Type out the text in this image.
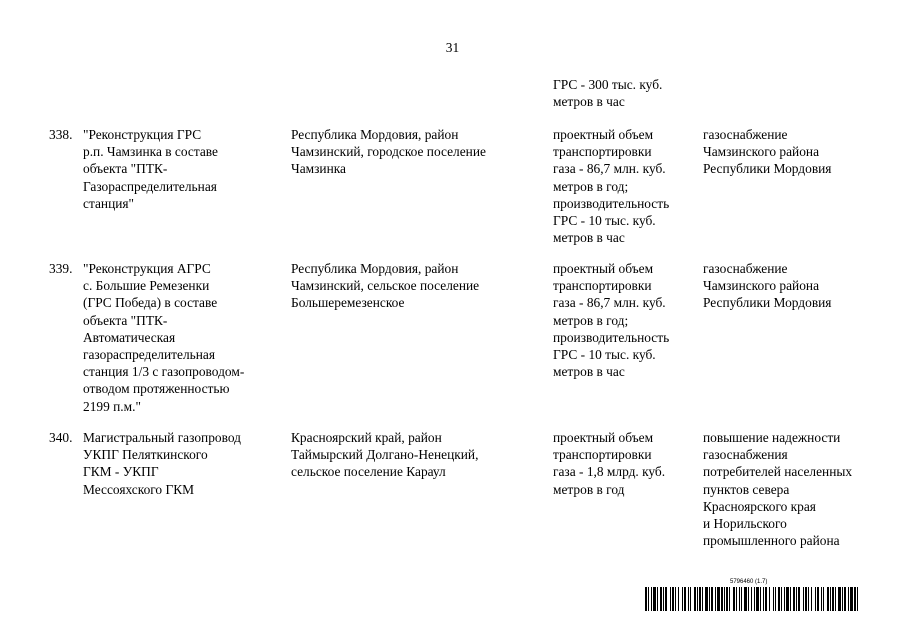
31
ГРС - 300 тыс. куб.
метров в час
338. "Реконструкция ГРС
р.п. Чамзинка в составе
объекта "ПТК-
Газораспределительная
станция"
Республика Мордовия, район
Чамзинский, городское поселение
Чамзинка
проектный объем
транспортировки
газа - 86,7 млн. куб.
метров в год;
производительность
ГРС - 10 тыс. куб.
метров в час
газоснабжение
Чамзинского района
Республики Мордовия
339. "Реконструкция АГРС
с. Большие Ремезенки
(ГРС Победа) в составе
объекта "ПТК-
Автоматическая
газораспределительная
станция 1/3 с газопроводом-
отводом протяженностью
2199 п.м."
Республика Мордовия, район
Чамзинский, сельское поселение
Большеремезенское
проектный объем
транспортировки
газа - 86,7 млн. куб.
метров в год;
производительность
ГРС - 10 тыс. куб.
метров в час
газоснабжение
Чамзинского района
Республики Мордовия
340. Магистральный газопровод
УКПГ Пеляткинского
ГКМ - УКПГ
Мессояхского ГКМ
Красноярский край, район
Таймырский Долгано-Ненецкий,
сельское поселение Караул
проектный объем
транспортировки
газа - 1,8 млрд. куб.
метров в год
повышение надежности
газоснабжения
потребителей населенных
пунктов севера
Красноярского края
и Норильского
промышленного района
5796460 (1.7)
